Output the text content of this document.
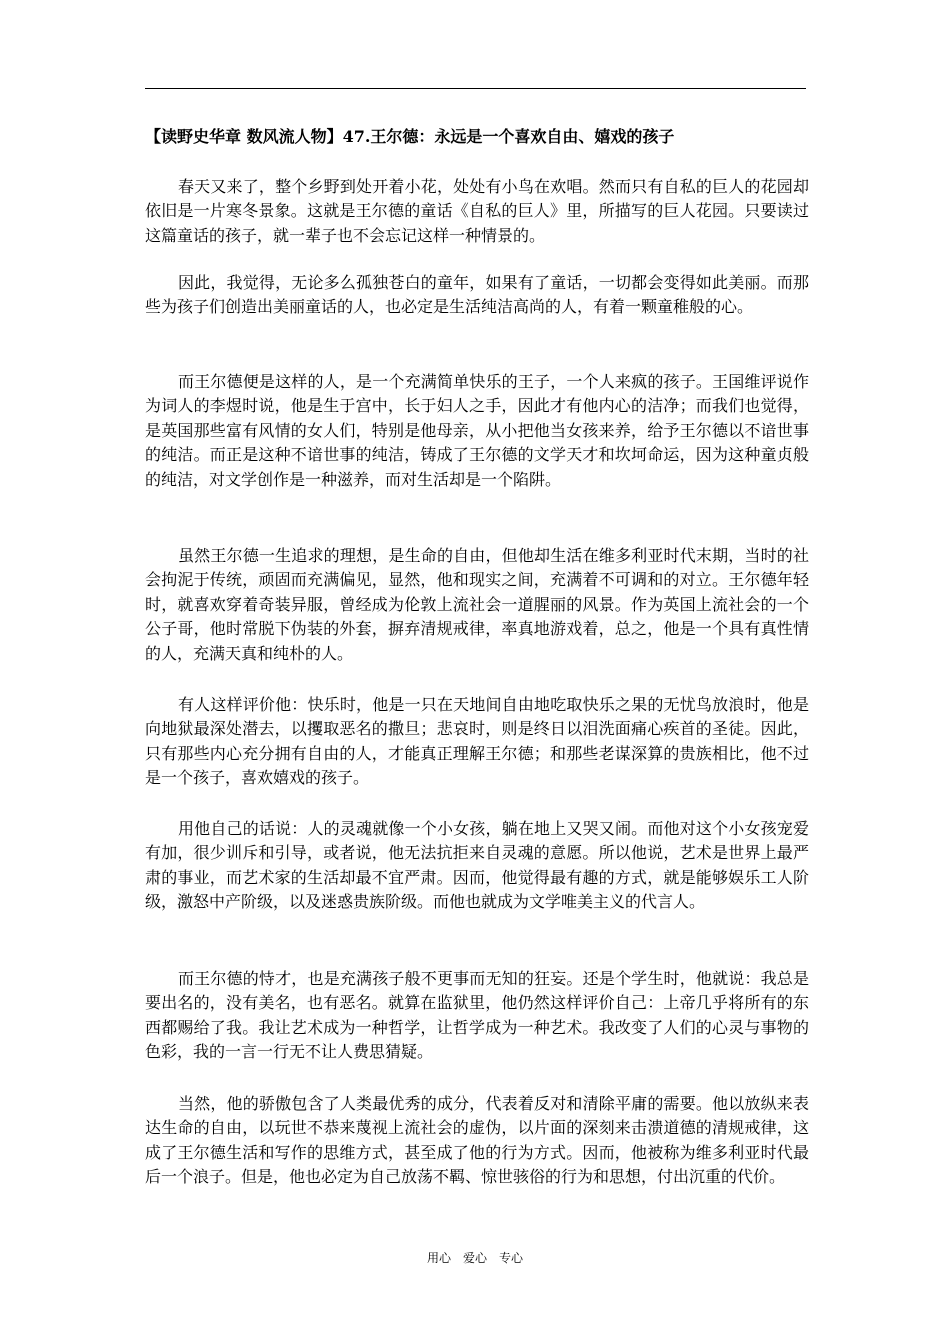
【读野史华章 数风流人物】47.王尔德：永远是一个喜欢自由、嬉戏的孩子
春天又来了，整个乡野到处开着小花，处处有小鸟在欢唱。然而只有自私的巨人的花园却依旧是一片寒冬景象。这就是王尔德的童话《自私的巨人》里，所描写的巨人花园。只要读过这篇童话的孩子，就一辈子也不会忘记这样一种情景的。
因此，我觉得，无论多么孤独苍白的童年，如果有了童话，一切都会变得如此美丽。而那些为孩子们创造出美丽童话的人，也必定是生活纯洁高尚的人，有着一颗童稚般的心。
而王尔德便是这样的人，是一个充满简单快乐的王子，一个人来疯的孩子。王国维评说作为词人的李煜时说，他是生于宫中，长于妇人之手，因此才有他内心的洁净；而我们也觉得，是英国那些富有风情的女人们，特别是他母亲，从小把他当女孩来养，给予王尔德以不谙世事的纯洁。而正是这种不谙世事的纯洁，铸成了王尔德的文学天才和坎坷命运，因为这种童贞般的纯洁，对文学创作是一种滋养，而对生活却是一个陷阱。
虽然王尔德一生追求的理想，是生命的自由，但他却生活在维多利亚时代末期，当时的社会拘泥于传统，顽固而充满偏见，显然，他和现实之间，充满着不可调和的对立。王尔德年轻时，就喜欢穿着奇装异服，曾经成为伦敦上流社会一道腥丽的风景。作为英国上流社会的一个公子哥，他时常脱下伪装的外套，摒弃清规戒律，率真地游戏着，总之，他是一个具有真性情的人，充满天真和纯朴的人。
有人这样评价他：快乐时，他是一只在天地间自由地吃取快乐之果的无忧鸟放浪时，他是向地狱最深处潜去，以攫取恶名的撒旦；悲哀时，则是终日以泪洗面痛心疾首的圣徒。因此，只有那些内心充分拥有自由的人，才能真正理解王尔德；和那些老谋深算的贵族相比，他不过是一个孩子，喜欢嬉戏的孩子。
用他自己的话说：人的灵魂就像一个小女孩，躺在地上又哭又闹。而他对这个小女孩宠爱有加，很少训斥和引导，或者说，他无法抗拒来自灵魂的意愿。所以他说，艺术是世界上最严肃的事业，而艺术家的生活却最不宜严肃。因而，他觉得最有趣的方式，就是能够娱乐工人阶级，激怒中产阶级，以及迷惑贵族阶级。而他也就成为文学唯美主义的代言人。
而王尔德的恃才，也是充满孩子般不更事而无知的狂妄。还是个学生时，他就说：我总是要出名的，没有美名，也有恶名。就算在监狱里，他仍然这样评价自己：上帝几乎将所有的东西都赐给了我。我让艺术成为一种哲学，让哲学成为一种艺术。我改变了人们的心灵与事物的色彩，我的一言一行无不让人费思猜疑。
当然，他的骄傲包含了人类最优秀的成分，代表着反对和清除平庸的需要。他以放纵来表达生命的自由，以玩世不恭来蔑视上流社会的虚伪，以片面的深刻来击溃道德的清规戒律，这成了王尔德生活和写作的思维方式，甚至成了他的行为方式。因而，他被称为维多利亚时代最后一个浪子。但是，他也必定为自己放荡不羁、惊世骇俗的行为和思想，付出沉重的代价。
用心　爱心　专心
